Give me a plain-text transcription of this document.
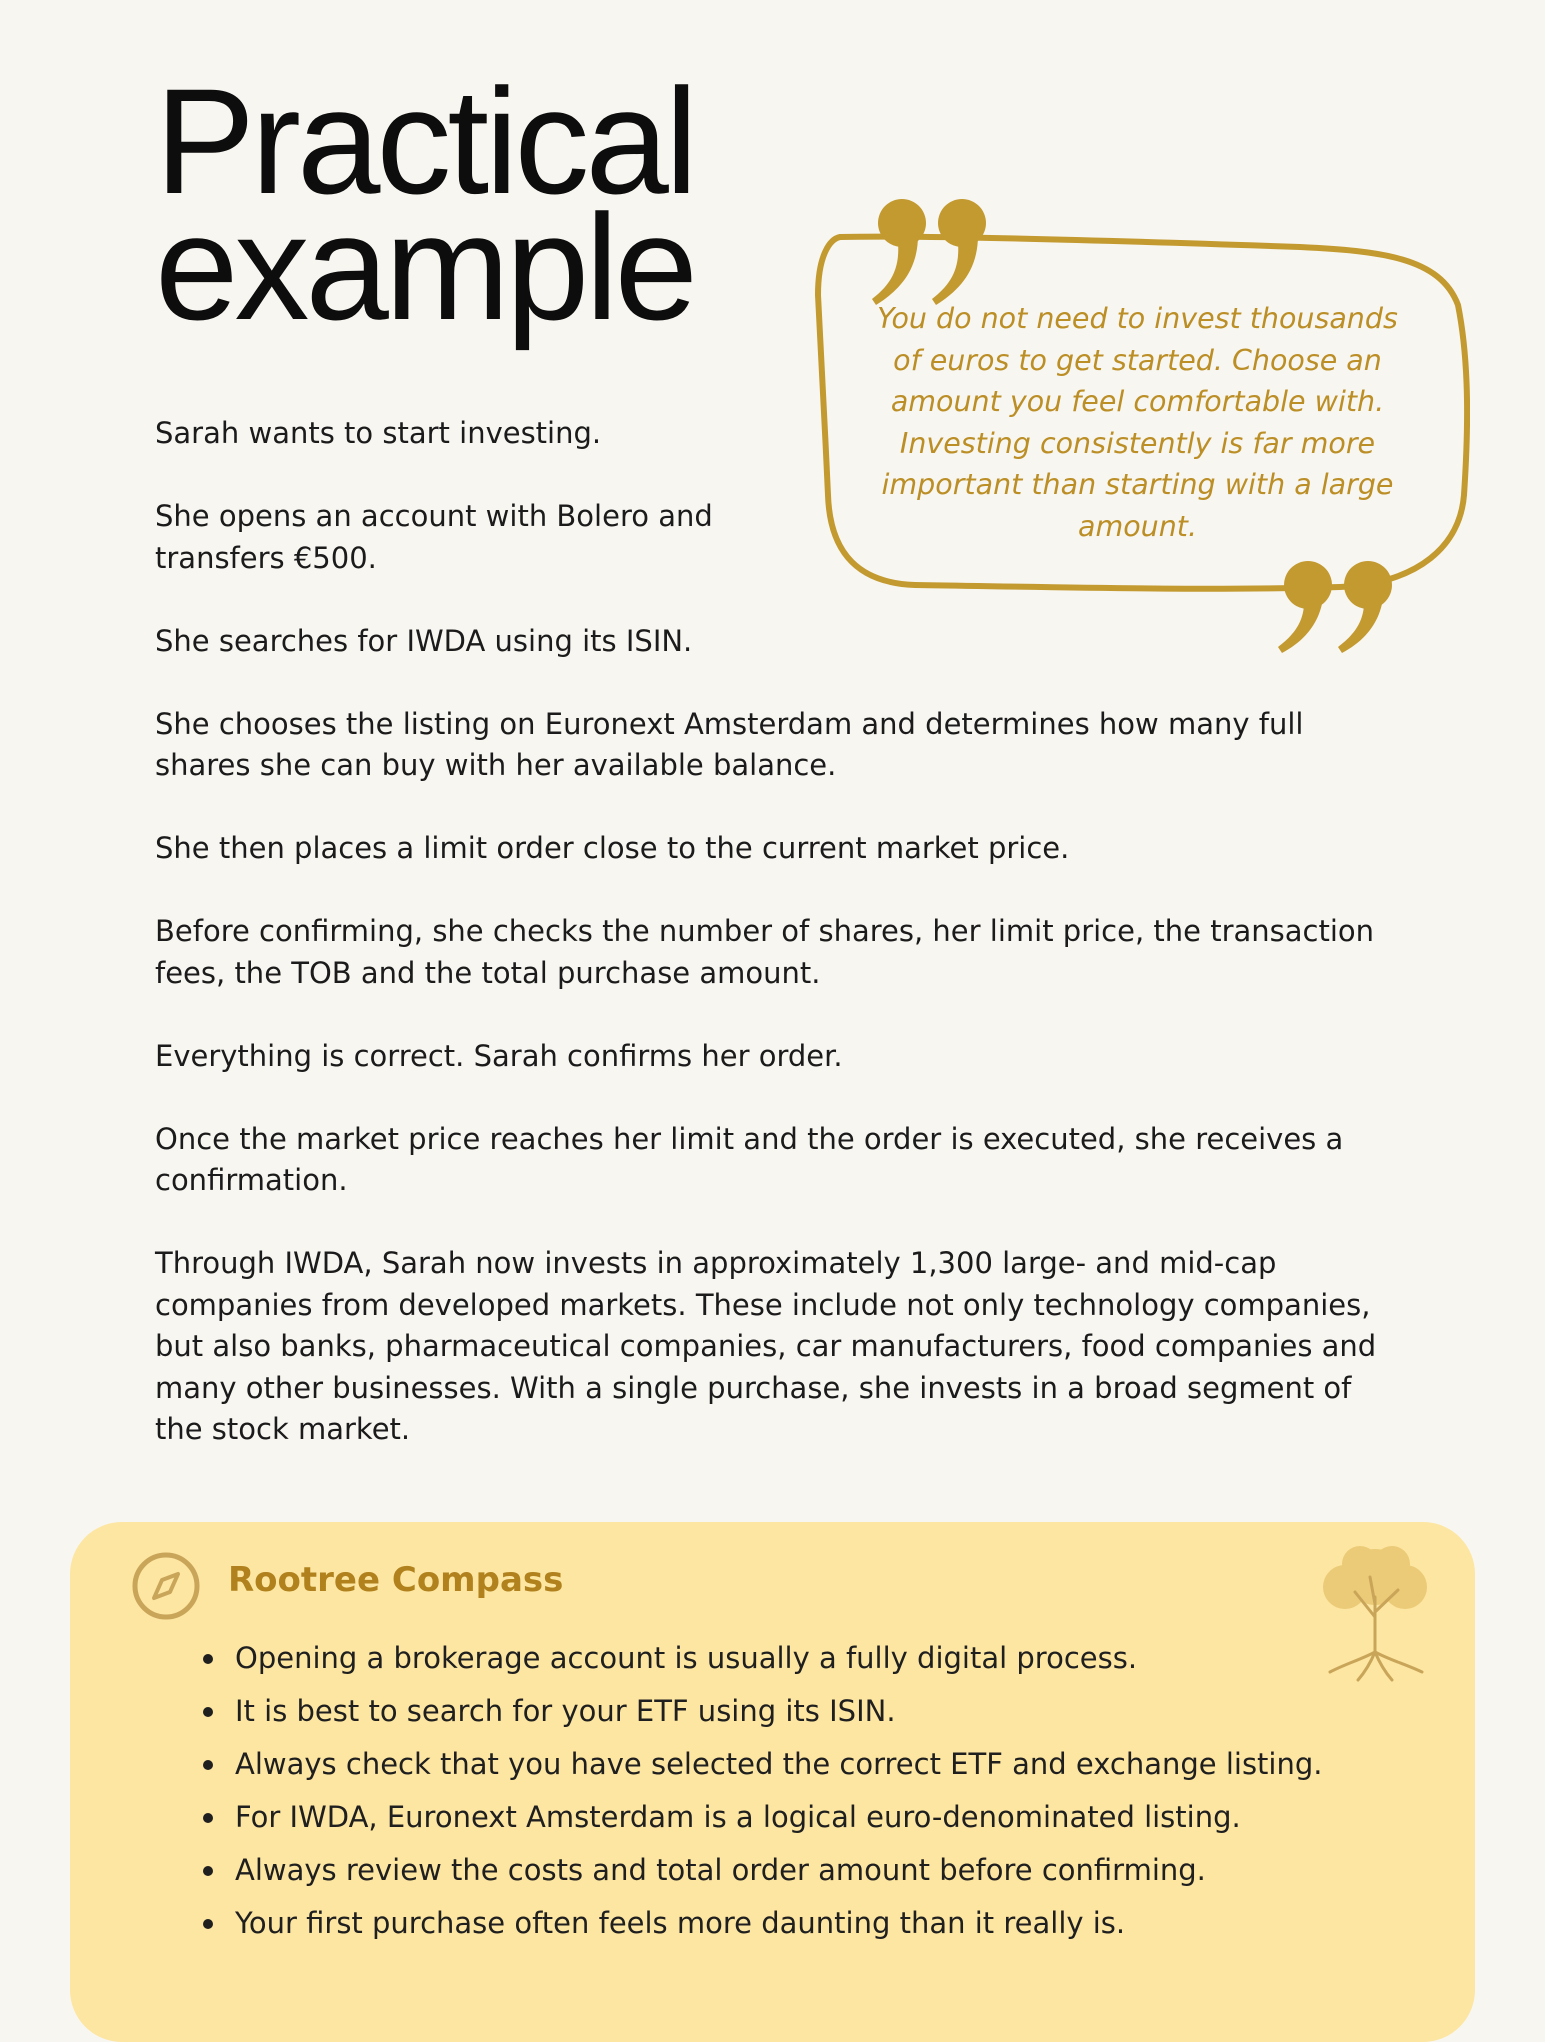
Practical
example	You do not need to invest thousands of euros to get started. Choose an amount you feel comfortable with. Investing consistently is far more important than starting with a large amount.

Sarah wants to start investing.

She opens an account with Bolero and transfers €500.

She searches for IWDA using its ISIN.

She chooses the listing on Euronext Amsterdam and determines how many full shares she can buy with her available balance.

She then places a limit order close to the current market price.

Before confirming, she checks the number of shares, her limit price, the transaction fees, the TOB and the total purchase amount.

Everything is correct. Sarah confirms her order.

Once the market price reaches her limit and the order is executed, she receives a confirmation.

Through IWDA, Sarah now invests in approximately 1,300 large- and mid-cap companies from developed markets. These include not only technology companies, but also banks, pharmaceutical companies, car manufacturers, food companies and many other businesses. With a single purchase, she invests in a broad segment of the stock market.

Rootree Compass
Opening a brokerage account is usually a fully digital process.
It is best to search for your ETF using its ISIN.
Always check that you have selected the correct ETF and exchange listing.
For IWDA, Euronext Amsterdam is a logical euro-denominated listing.
Always review the costs and total order amount before confirming.
Your first purchase often feels more daunting than it really is.
